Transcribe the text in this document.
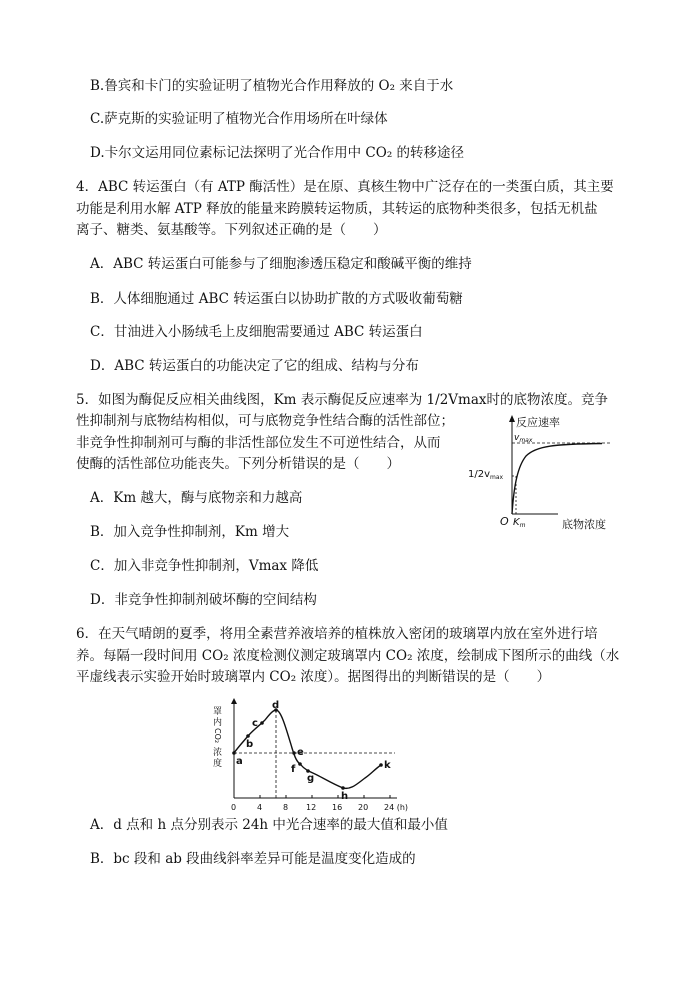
B.鲁宾和卡门的实验证明了植物光合作用释放的 O₂ 来自于水
C.萨克斯的实验证明了植物光合作用场所在叶绿体
D.卡尔文运用同位素标记法探明了光合作用中 CO₂ 的转移途径
4．ABC 转运蛋白（有 ATP 酶活性）是在原、真核生物中广泛存在的一类蛋白质，其主要
功能是利用水解 ATP 释放的能量来跨膜转运物质，其转运的底物种类很多，包括无机盐
离子、糖类、氨基酸等。下列叙述正确的是（　　）
A．ABC 转运蛋白可能参与了细胞渗透压稳定和酸碱平衡的维持
B．人体细胞通过 ABC 转运蛋白以协助扩散的方式吸收葡萄糖
C．甘油进入小肠绒毛上皮细胞需要通过 ABC 转运蛋白
D．ABC 转运蛋白的功能决定了它的组成、结构与分布
5．如图为酶促反应相关曲线图，Km 表示酶促反应速率为 1/2Vmax时的底物浓度。竞争
性抑制剂与底物结构相似，可与底物竞争性结合酶的活性部位；
非竞争性抑制剂可与酶的非活性部位发生不可逆性结合，从而
使酶的活性部位功能丧失。下列分析错误的是（　　）
A．Km 越大，酶与底物亲和力越高
B．加入竞争性抑制剂，Km 增大
C．加入非竞争性抑制剂，Vmax 降低
D．非竞争性抑制剂破坏酶的空间结构
反应速率
$v_{max}$
$1/2v_{max}$
O $K_m$	底物浓度
6．在天气晴朗的夏季，将用全素营养液培养的植株放入密闭的玻璃罩内放在室外进行培
养。每隔一段时间用 CO₂ 浓度检测仪测定玻璃罩内 CO₂ 浓度，绘制成下图所示的曲线（水
平虚线表示实验开始时玻璃罩内 CO₂ 浓度）。据图得出的判断错误的是（　　）
罩
内
CO₂
浓
度
0	4	8 12 16 20 24 (h)
a
b
c
d
e
f
g
h
k
A．d 点和 h 点分别表示 24h 中光合速率的最大值和最小值
B．bc 段和 ab 段曲线斜率差异可能是温度变化造成的
